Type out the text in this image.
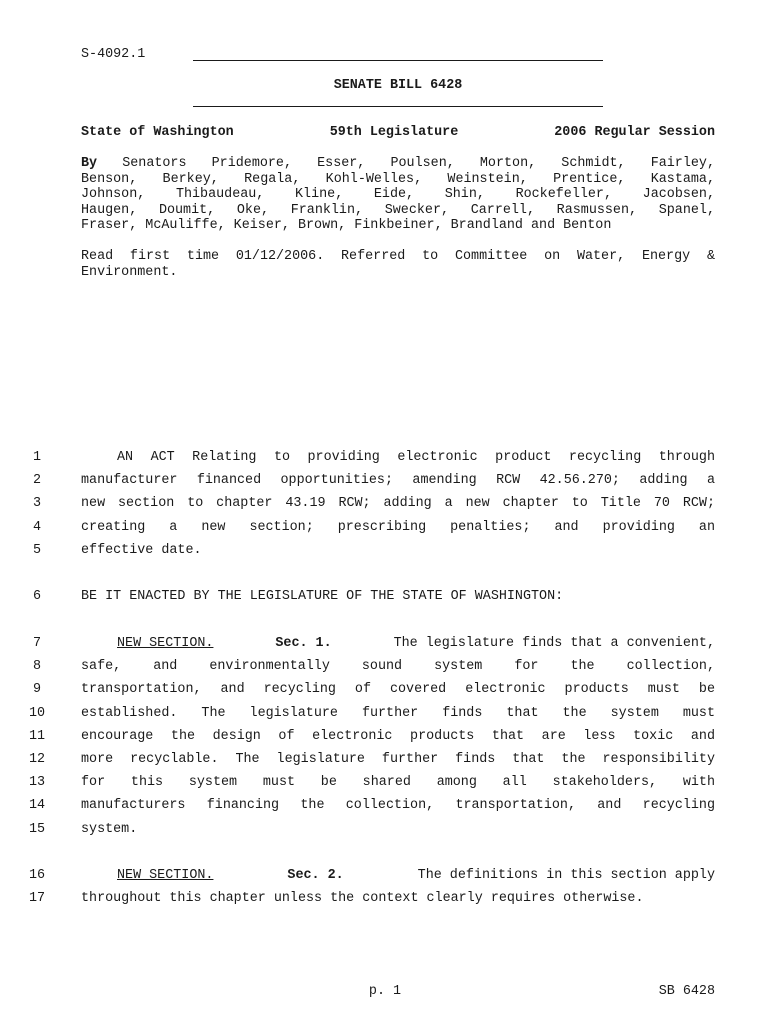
S-4092.1
SENATE BILL 6428
State of Washington	59th Legislature	2006 Regular Session
By Senators Pridemore, Esser, Poulsen, Morton, Schmidt, Fairley,
Benson, Berkey, Regala, Kohl-Welles, Weinstein, Prentice, Kastama,
Johnson, Thibaudeau, Kline, Eide, Shin, Rockefeller, Jacobsen,
Haugen, Doumit, Oke, Franklin, Swecker, Carrell, Rasmussen, Spanel,
Fraser, McAuliffe, Keiser, Brown, Finkbeiner, Brandland and Benton
Read first time 01/12/2006. Referred to Committee on Water, Energy &
Environment.
1	AN ACT Relating to providing electronic product recycling through
2	manufacturer financed opportunities; amending RCW 42.56.270; adding a
3	new section to chapter 43.19 RCW; adding a new chapter to Title 70 RCW;
4	creating a new section; prescribing penalties; and providing an
5	effective date.
6	BE IT ENACTED BY THE LEGISLATURE OF THE STATE OF WASHINGTON:
7	NEW SECTION.	Sec. 1.	The legislature finds that a convenient,
8	safe, and environmentally sound system for the collection,
9	transportation, and recycling of covered electronic products must be
10	established. The legislature further finds that the system must
11	encourage the design of electronic products that are less toxic and
12	more recyclable. The legislature further finds that the responsibility
13	for this system must be shared among all stakeholders, with
14	manufacturers financing the collection, transportation, and recycling
15	system.
16	NEW SECTION.	Sec. 2.	The definitions in this section apply
17	throughout this chapter unless the context clearly requires otherwise.
p. 1	SB 6428
